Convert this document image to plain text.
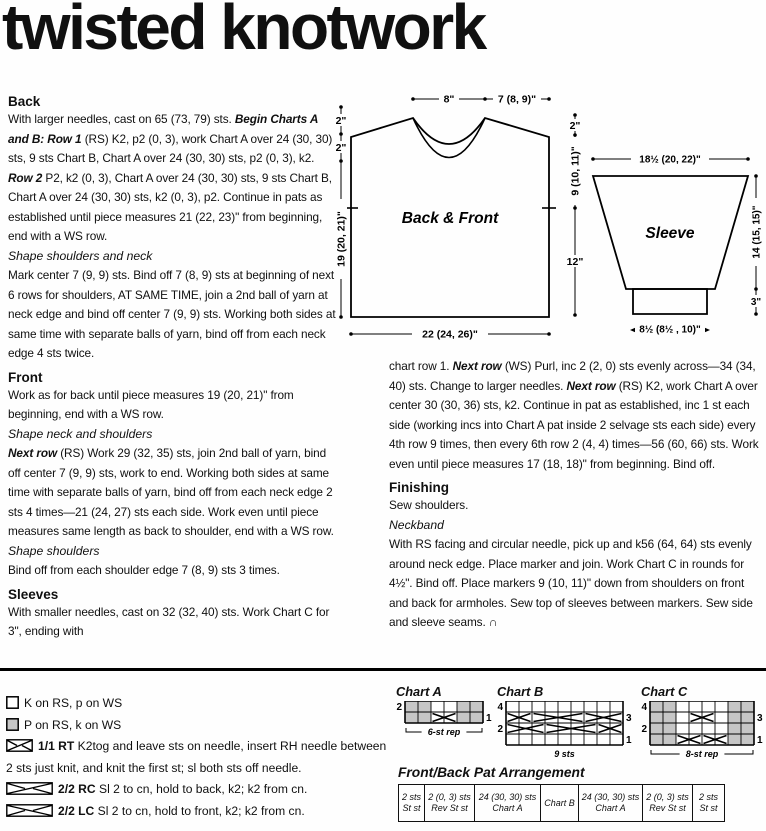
twisted knotwork
Back

With larger needles, cast on 65 (73, 79) sts. Begin Charts A and B: Row 1 (RS) K2, p2 (0, 3), work Chart A over 24 (30, 30) sts, 9 sts Chart B, Chart A over 24 (30, 30) sts, p2 (0, 3), k2. Row 2 P2, k2 (0, 3), Chart A over 24 (30, 30) sts, 9 sts Chart B, Chart A over 24 (30, 30) sts, k2 (0, 3), p2. Continue in pats as established until piece measures 21 (22, 23)" from beginning, end with a WS row.

Shape shoulders and neck

Mark center 7 (9, 9) sts. Bind off 7 (8, 9) sts at beginning of next 6 rows for shoulders, AT SAME TIME, join a 2nd ball of yarn at neck edge and bind off center 7 (9, 9) sts. Working both sides at same time with separate balls of yarn, bind off from each neck edge 4 sts twice.

Front

Work as for back until piece measures 19 (20, 21)" from beginning, end with a WS row.

Shape neck and shoulders

Next row (RS) Work 29 (32, 35) sts, join 2nd ball of yarn, bind off center 7 (9, 9) sts, work to end. Working both sides at same time with separate balls of yarn, bind off from each neck edge 2 sts 4 times—21 (24, 27) sts each side. Work even until piece measures same length as back to shoulder, end with a WS row.

Shape shoulders

Bind off from each shoulder edge 7 (8, 9) sts 3 times.

Sleeves

With smaller needles, cast on 32 (32, 40) sts. Work Chart C for 3", ending with

8"	7 (8, 9)"
2"
2"
19 (20, 21)"
2"
9 (10, 11)"
12"
22 (24, 26)"
Back & Front
18½ (20, 22)"
8½ (8½ , 10)"
14 (15, 15)"
3"
Sleeve

chart row 1. Next row (WS) Purl, inc 2 (2, 0) sts evenly across—34 (34, 40) sts. Change to larger needles. Next row (RS) K2, work Chart A over center 30 (30, 36) sts, k2. Continue in pat as established, inc 1 st each side (working incs into Chart A pat inside 2 selvage sts each side) every 4th row 9 times, then every 6th row 2 (4, 4) times—56 (60, 66) sts. Work even until piece measures 17 (18, 18)" from beginning. Bind off.

Finishing

Sew shoulders.

Neckband

With RS facing and circular needle, pick up and k56 (64, 64) sts evenly around neck edge. Place marker and join. Work Chart C in rounds for 4½". Bind off. Place markers 9 (10, 11)" down from shoulders on front and back for armholes. Sew top of sleeves between markers. Sew side and sleeve seams. ∩

K on RS, p on WS
P on RS, k on WS
1/1 RT K2tog and leave sts on needle, insert RH needle between 2 sts just knit, and knit the first st; sl both sts off needle.
2/2 RC Sl 2 to cn, hold to back, k2; k2 from cn.
2/2 LC Sl 2 to cn, hold to front, k2; k2 from cn.
Chart A
2
1
6-st rep
Chart B
4
2
3
1
9 sts
Chart C
4
2
3
1
8-st rep

Front/Back Pat Arrangement

2 sts
St st

2 (0, 3) sts
Rev St st

24 (30, 30) sts
Chart A

Chart B

24 (30, 30) sts
Chart A

2 (0, 3) sts
Rev St st

2 sts
St st
